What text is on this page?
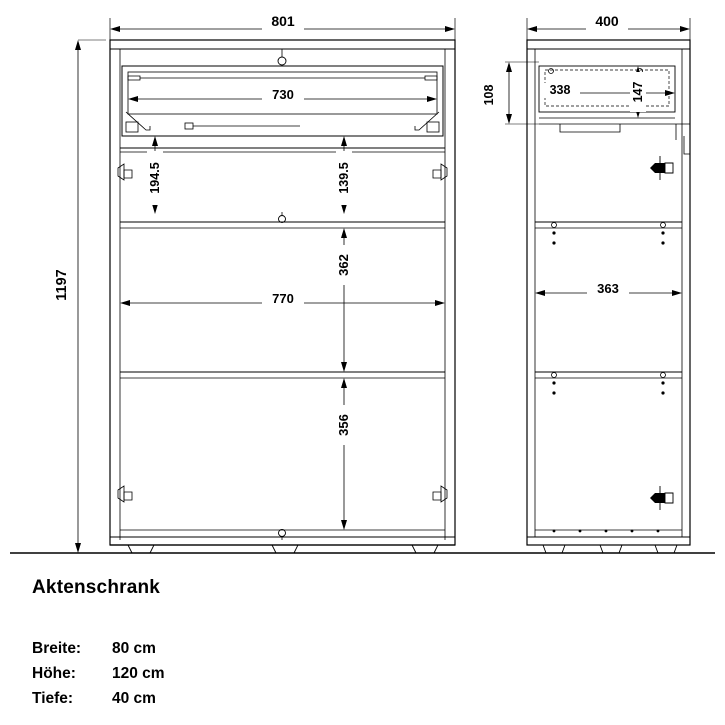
801	400
730
1197
194.5	139.5
362
356
770
108	338	147
363
Aktenschrank
Breite: 80 cm
Höhe: 120 cm
Tiefe:	40 cm
